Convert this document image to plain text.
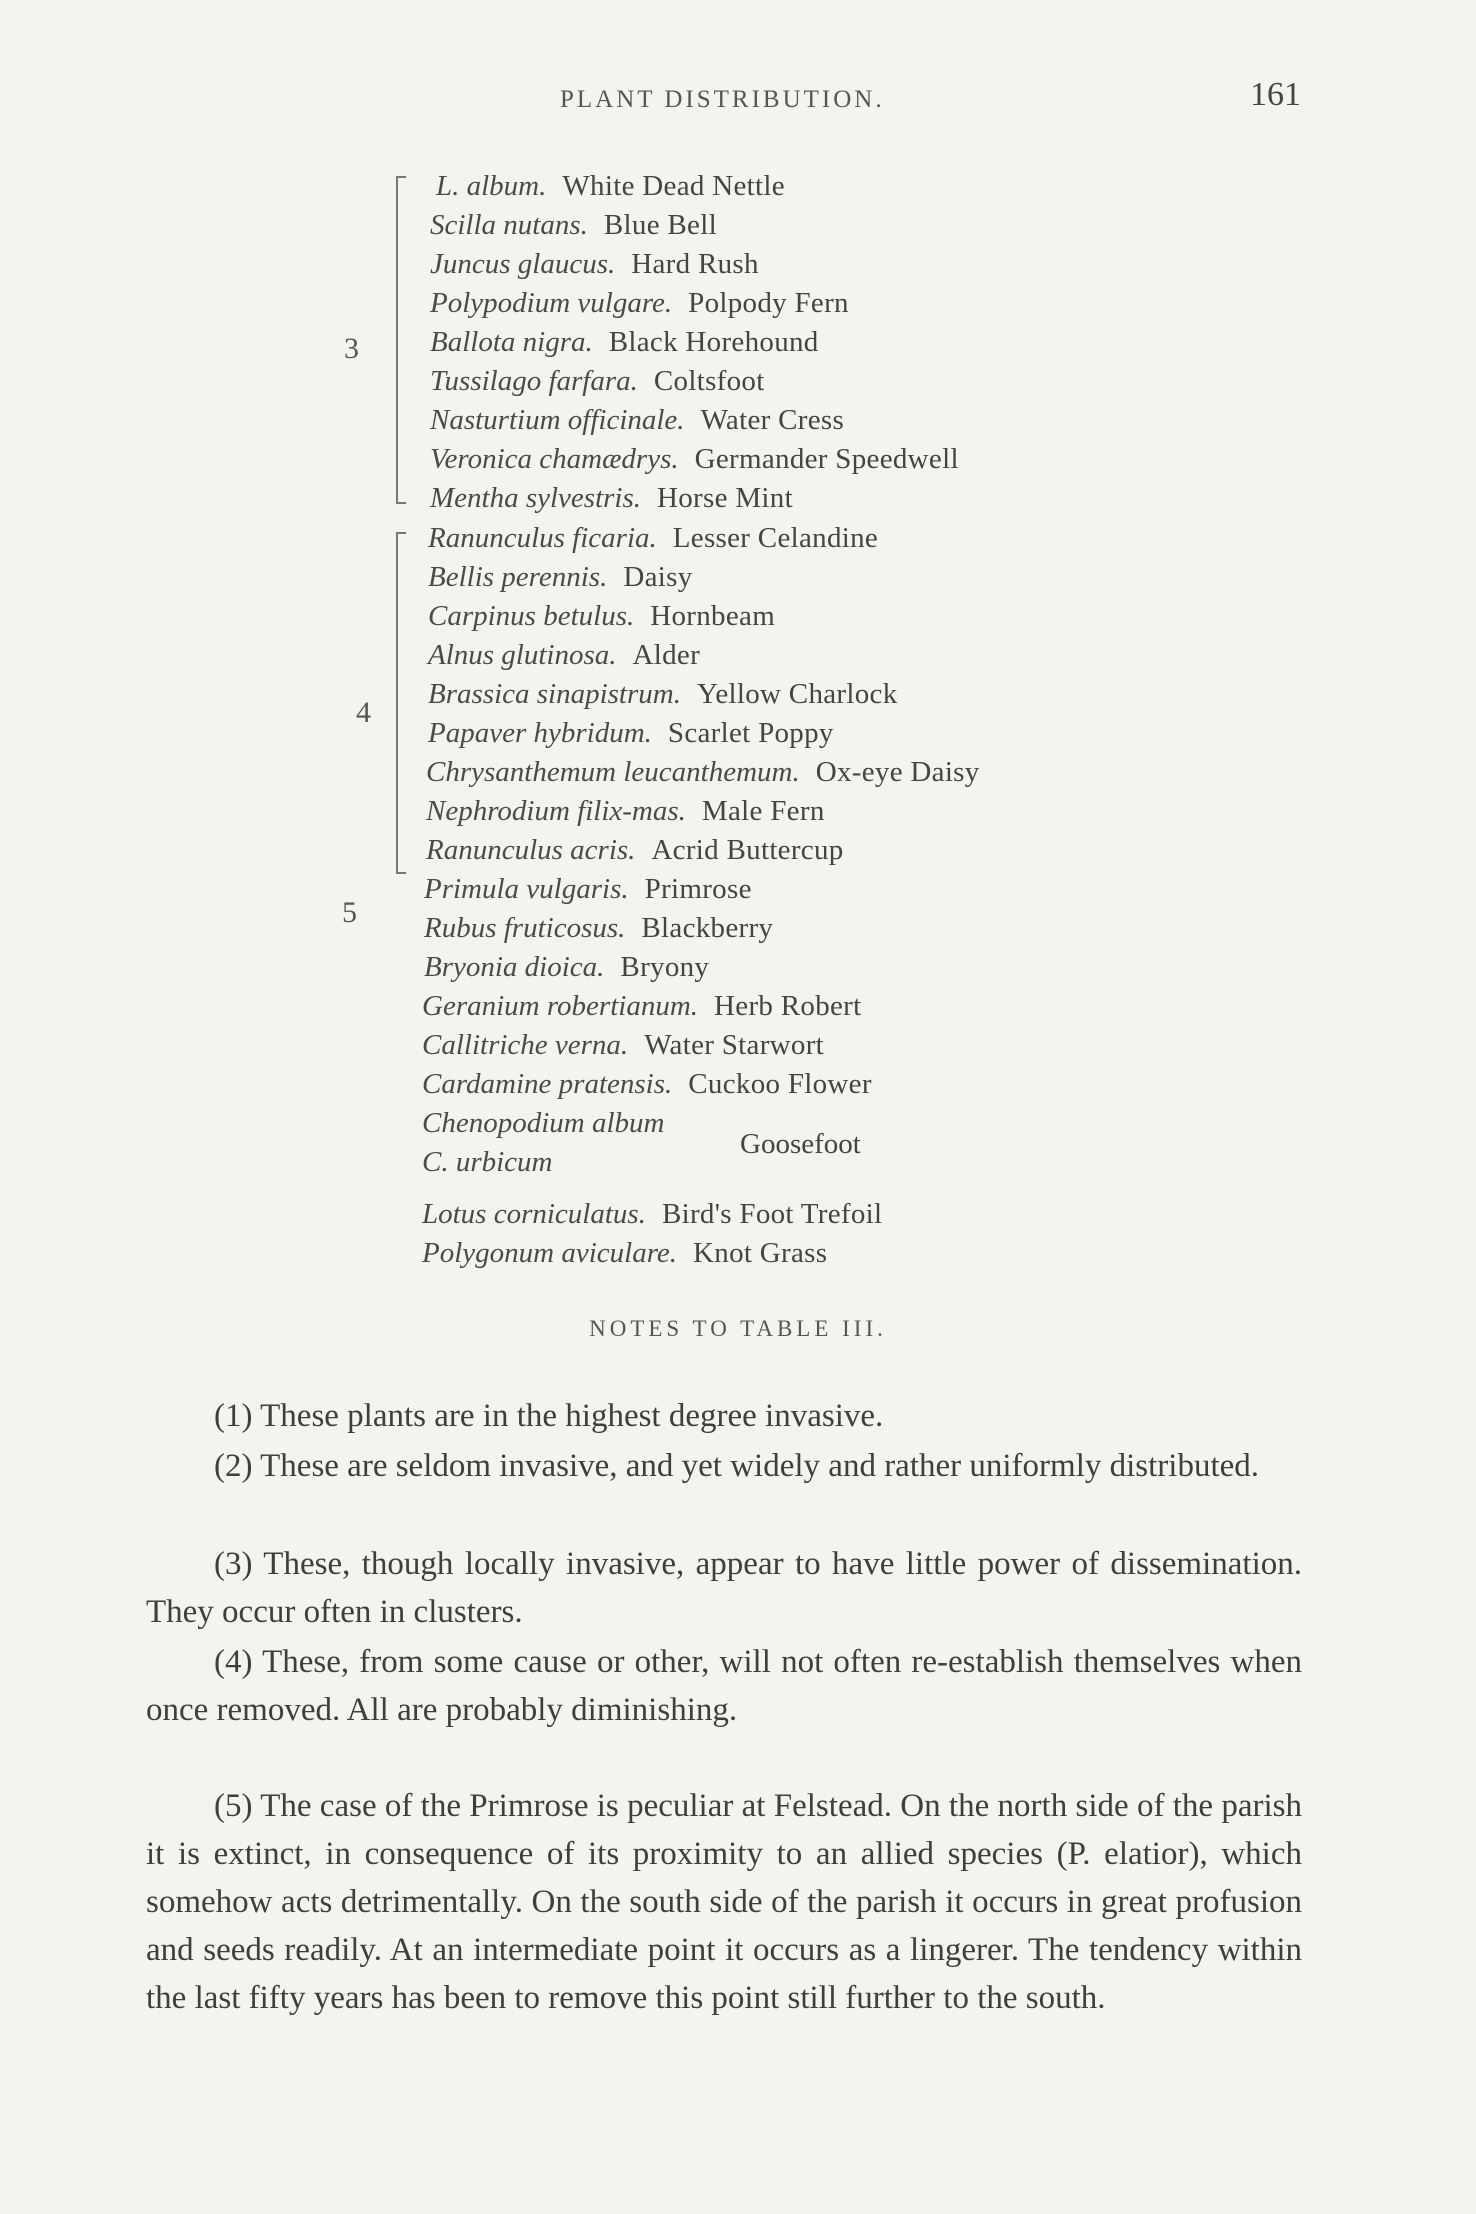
PLANT DISTRIBUTION.	161
3
4
5
L. album. White Dead Nettle
Scilla nutans. Blue Bell
Juncus glaucus. Hard Rush
Polypodium vulgare. Polpody Fern
Ballota nigra. Black Horehound
Tussilago farfara. Coltsfoot
Nasturtium officinale. Water Cress
Veronica chamædrys. Germander Speedwell
Mentha sylvestris. Horse Mint
Ranunculus ficaria. Lesser Celandine
Bellis perennis. Daisy
Carpinus betulus. Hornbeam
Alnus glutinosa. Alder
Brassica sinapistrum. Yellow Charlock
Papaver hybridum. Scarlet Poppy
Chrysanthemum leucanthemum. Ox-eye Daisy
Nephrodium filix-mas. Male Fern
Ranunculus acris. Acrid Buttercup
Primula vulgaris. Primrose
Rubus fruticosus. Blackberry
Bryonia dioica. Bryony
Geranium robertianum. Herb Robert
Callitriche verna. Water Starwort
Cardamine pratensis. Cuckoo Flower
Chenopodium album
C. urbicum
Goosefoot
Lotus corniculatus. Bird's Foot Trefoil
Polygonum aviculare. Knot Grass
NOTES TO TABLE III.
(1) These plants are in the highest degree invasive.
(2) These are seldom invasive, and yet widely and rather uniformly distributed.
(3) These, though locally invasive, appear to have little power of dissemination. They occur often in clusters.
(4) These, from some cause or other, will not often re-establish themselves when once removed. All are probably diminishing.
(5) The case of the Primrose is peculiar at Felstead. On the north side of the parish it is extinct, in consequence of its proximity to an allied species (P. elatior), which somehow acts detrimentally. On the south side of the parish it occurs in great profusion and seeds readily. At an intermediate point it occurs as a lingerer. The tendency within the last fifty years has been to remove this point still further to the south.
